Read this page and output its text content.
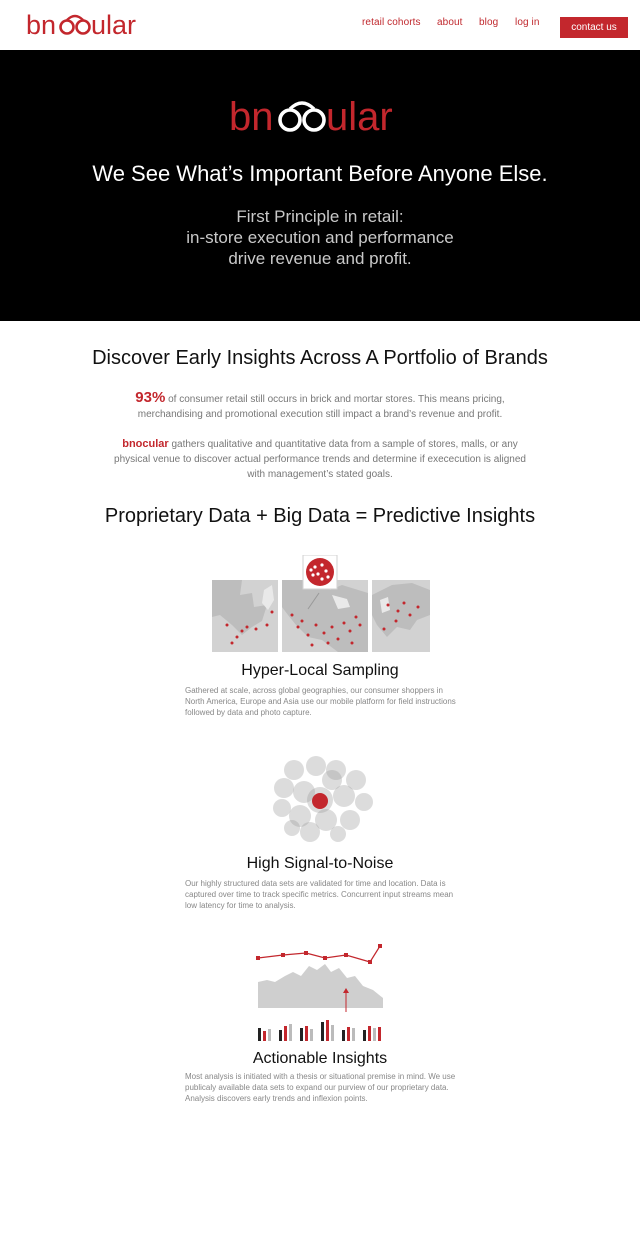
bn ular	retail cohorts about blog log in	contact us
bn ular
We See What’s Important Before Anyone Else.
First Principle in retail:
in-store execution and performance
drive revenue and profit.
Discover Early Insights Across A Portfolio of Brands
93% of consumer retail still occurs in brick and mortar stores. This means pricing, merchandising and promotional execution still impact a brand’s revenue and profit.
bnocular gathers qualitative and quantitative data from a sample of stores, malls, or any physical venue to discover actual performance trends and determine if exececution is aligned with management’s stated goals.
Proprietary Data + Big Data = Predictive Insights
Hyper-Local Sampling
Gathered at scale, across global geographies, our consumer shoppers in North America, Europe and Asia use our mobile platform for field instructions followed by data and photo capture.
High Signal-to-Noise
Our highly structured data sets are validated for time and location. Data is captured over time to track specific metrics. Concurrent input streams mean low latency for time to analysis.
Actionable Insights
Most analysis is initiated with a thesis or situational premise in mind. We use publicaly available data sets to expand our purview of our proprietary data. Analysis discovers early trends and inflexion points.
